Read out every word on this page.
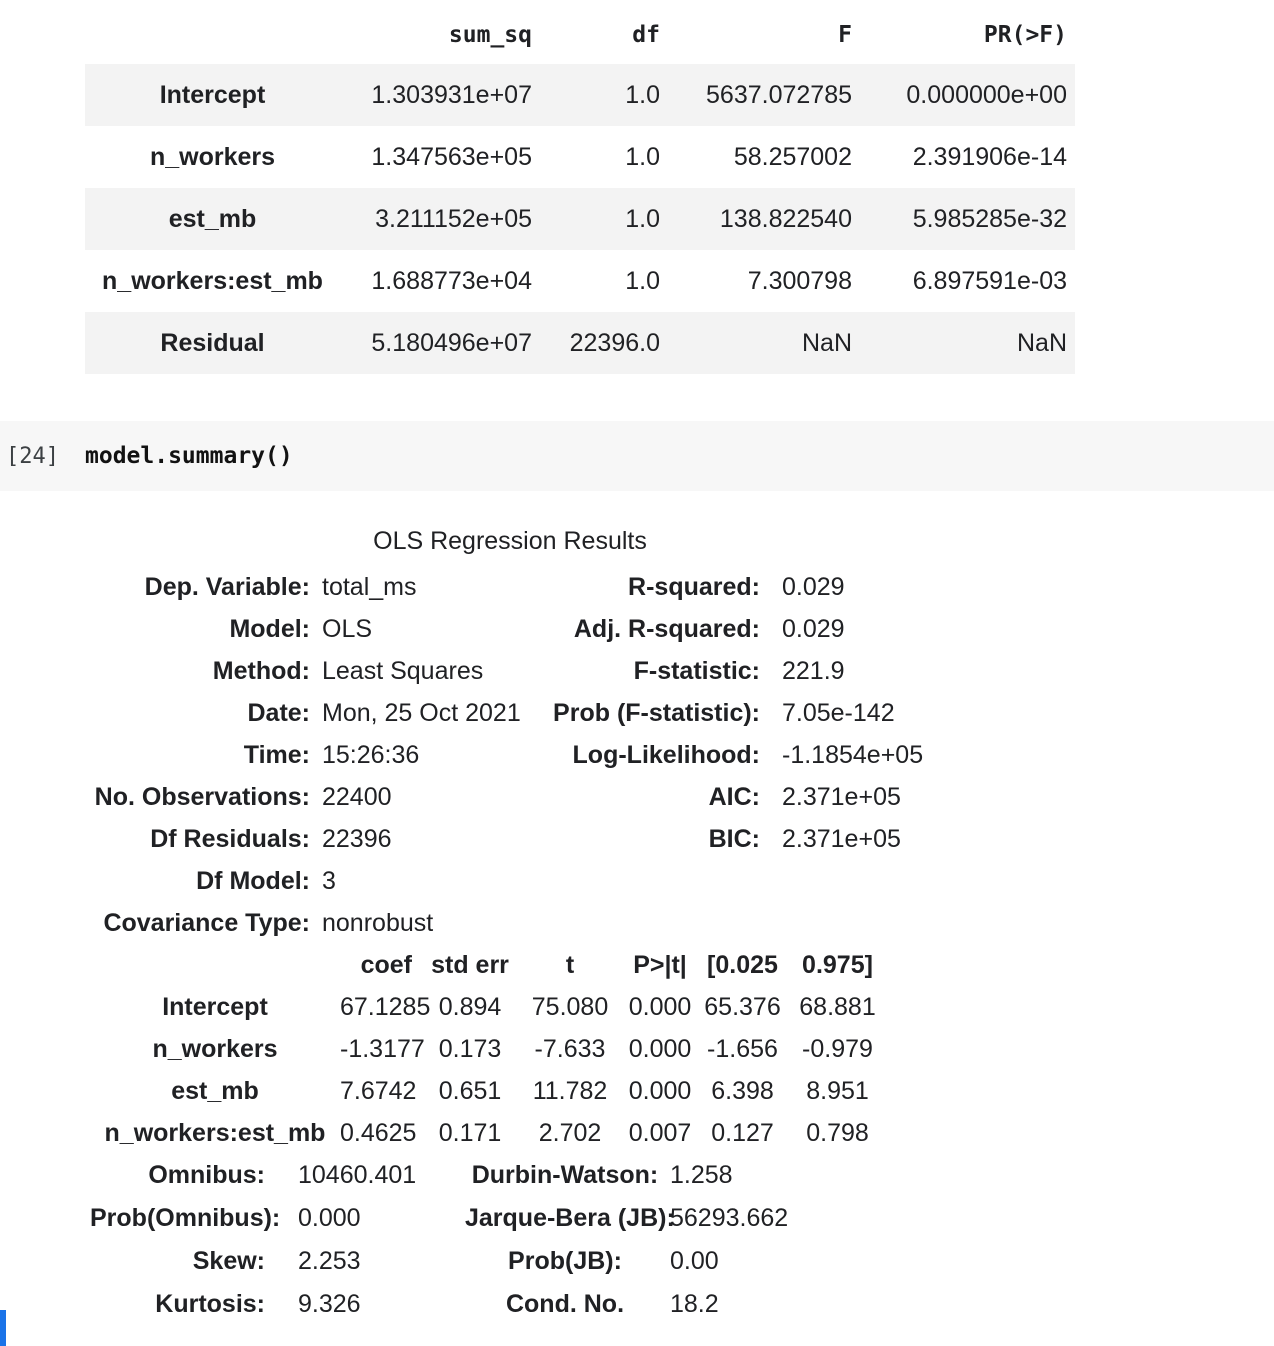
	sum_sq	df	F	PR(>F)
Intercept	1.303931e+07	1.0	5637.072785	0.000000e+00
n_workers	1.347563e+05	1.0	58.257002	2.391906e-14
est_mb	3.211152e+05	1.0	138.822540	5.985285e-32
n_workers:est_mb	1.688773e+04	1.0	7.300798	6.897591e-03
Residual	5.180496e+07	22396.0	NaN	NaN
[24]	model.summary()
OLS Regression Results
Dep. Variable:	total_ms	R-squared:	0.029
Model:	OLS	Adj. R-squared:	0.029
Method:	Least Squares	F-statistic:	221.9
Date:	Mon, 25 Oct 2021	Prob (F-statistic):	7.05e-142
Time:	15:26:36	Log-Likelihood:	-1.1854e+05
No. Observations:	22400	AIC:	2.371e+05
Df Residuals:	22396	BIC:	2.371e+05
Df Model:	3		
Covariance Type:	nonrobust		
	coef	std err	t	P>|t|	[0.025	0.975]
Intercept	67.1285	0.894	75.080	0.000	65.376	68.881
n_workers	-1.3177	0.173	-7.633	0.000	-1.656	-0.979
est_mb	7.6742	0.651	11.782	0.000	6.398	8.951
n_workers:est_mb	0.4625	0.171	2.702	0.007	0.127	0.798
Omnibus:	10460.401	Durbin-Watson:	1.258
Prob(Omnibus):	0.000	Jarque-Bera (JB):	56293.662
Skew:	2.253	Prob(JB):	0.00
Kurtosis:	9.326	Cond. No.	18.2
